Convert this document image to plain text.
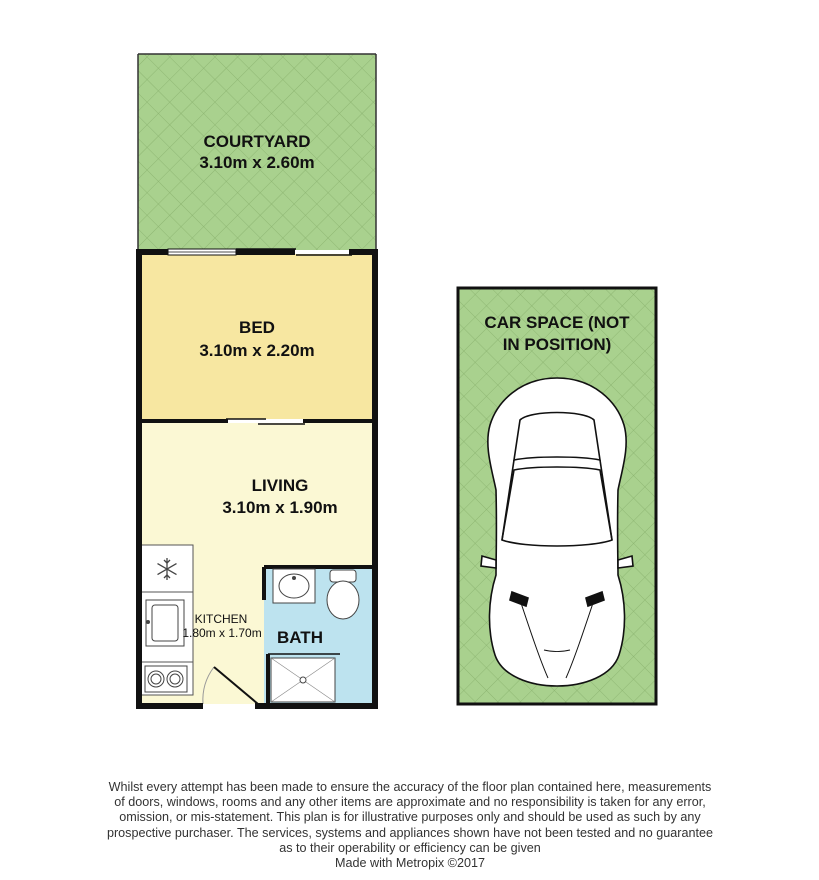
COURTYARD
3.10m x 2.60m
BED
3.10m x 2.20m
LIVING
3.10m x 1.90m
BATH
KITCHEN
1.80m x 1.70m
CAR SPACE (NOT
IN POSITION)
Whilst every attempt has been made to ensure the accuracy of the floor plan contained here, measurements
of doors, windows, rooms and any other items are approximate and no responsibility is taken for any error,
omission, or mis-statement. This plan is for illustrative purposes only and should be used as such by any
prospective purchaser. The services, systems and appliances shown have not been tested and no guarantee
as to their operability or efficiency can be given
Made with Metropix ©2017
